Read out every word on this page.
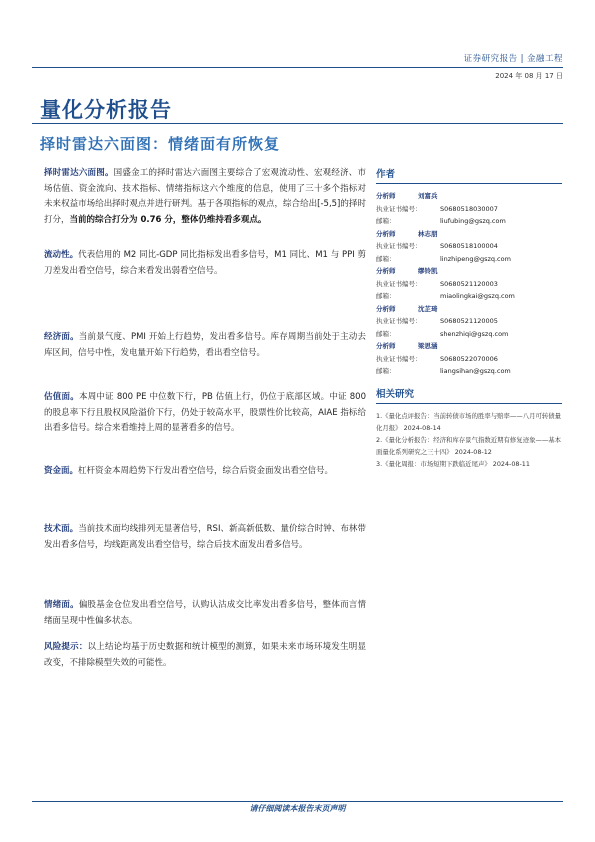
证券研究报告 | 金融工程
2024 年 08 月 17 日
量化分析报告
择时雷达六面图：情绪面有所恢复
择时雷达六面图。国盛金工的择时雷达六面图主要综合了宏观流动性、宏观经济、市场估值、资金流向、技术指标、情绪指标这六个维度的信息，使用了三十多个指标对未来权益市场给出择时观点并进行研判。基于各项指标的观点，综合给出[-5,5]的择时打分，当前的综合打分为 0.76 分，整体仍维持看多观点。
流动性。代表信用的 M2 同比-GDP 同比指标发出看多信号，M1 同比、M1 与 PPI 剪刀差发出看空信号，综合来看发出弱看空信号。
经济面。当前景气度、PMI 开始上行趋势，发出看多信号。库存周期当前处于主动去库区间，信号中性，发电量开始下行趋势，看出看空信号。
估值面。本周中证 800 PE 中位数下行，PB 估值上行，仍位于底部区域。中证 800 的股息率下行且股权风险溢价下行，仍处于较高水平，股票性价比较高，AIAE 指标给出看多信号。综合来看维持上周的显著看多的信号。
资金面。杠杆资金本周趋势下行发出看空信号，综合后资金面发出看空信号。
技术面。当前技术面均线排列无显著信号，RSI、新高新低数、量价综合时钟、布林带发出看多信号，均线距离发出看空信号，综合后技术面发出看多信号。
情绪面。偏股基金仓位发出看空信号，认购认沽成交比率发出看多信号，整体而言情绪面呈现中性偏多状态。
风险提示：以上结论均基于历史数据和统计模型的测算，如果未来市场环境发生明显改变，不排除模型失效的可能性。
作者
分析师	刘富兵
执业证书编号：	S0680518030007
邮箱：	liufubing@gszq.com
分析师	林志朋
执业证书编号：	S0680518100004
邮箱：	linzhipeng@gszq.com
分析师	缪铃凯
执业证书编号：	S0680521120003
邮箱：	miaolingkai@gszq.com
分析师	沈芷琦
执业证书编号：	S0680521120005
邮箱：	shenzhiqi@gszq.com
分析师	梁思涵
执业证书编号：	S0680522070006
邮箱：	liangsihan@gszq.com
相关研究
1.《量化点评报告：当前转债市场的胜率与赔率——八月可转债量化月报》 2024-08-14
2.《量化分析报告：经济和库存景气指数近期有修复迹象——基本面量化系列研究之三十四》 2024-08-12
3.《量化周报：市场短期下跌临近尾声》 2024-08-11
请仔细阅读本报告末页声明
